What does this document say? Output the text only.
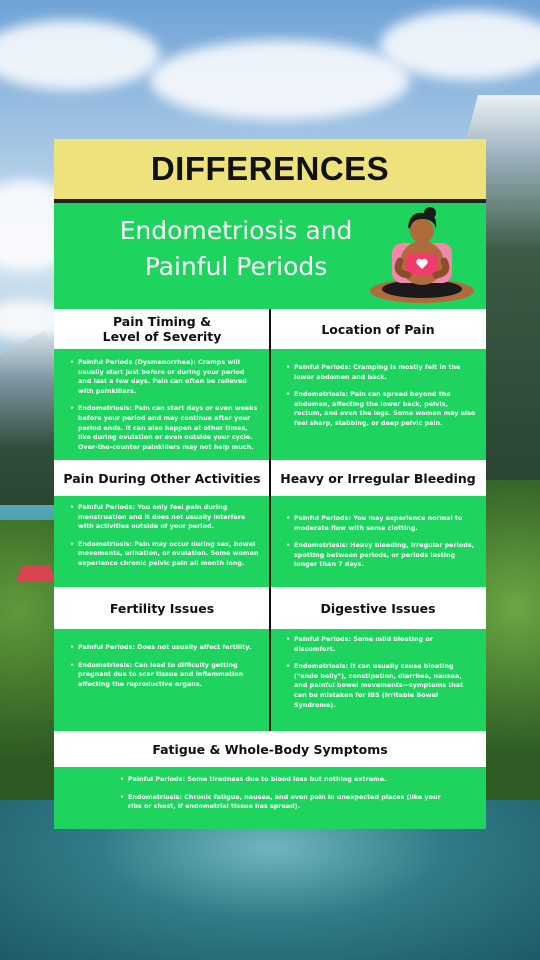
DIFFERENCES
Endometriosis and Painful Periods
Pain Timing & Level of Severity
• Painful Periods (Dysmenorrhea): Cramps will usually start just before or during your period and last a few days. Pain can often be relieved with painkillers.
• Endometriosis: Pain can start days or even weeks before your period and may continue after your period ends. It can also happen at other times, like during ovulation or even outside your cycle. Over-the-counter painkillers may not help much.
Location of Pain
• Painful Periods: Cramping is mostly felt in the lower abdomen and back.
• Endometriosis: Pain can spread beyond the abdomen, affecting the lower back, pelvis, rectum, and even the legs. Some women may also feel sharp, stabbing, or deep pelvic pain.
Pain During Other Activities
• Painful Periods: You only feel pain during menstruation and it does not usually interfere with activities outside of your period.
• Endometriosis: Pain may occur during sex, bowel movements, urination, or ovulation. Some women experience chronic pelvic pain all month long.
Heavy or Irregular Bleeding
• Painful Periods: You may experience normal to moderate flow with some clotting.
• Endometriosis: Heavy bleeding, irregular periods, spotting between periods, or periods lasting longer than 7 days.
Fertility Issues
• Painful Periods: Does not usually affect fertility.
• Endometriosis: Can lead to difficulty getting pregnant due to scar tissue and inflammation affecting the reproductive organs.
Digestive Issues
• Painful Periods: Some mild bloating or discomfort.
• Endometriosis: It can usually cause bloating ("endo belly"), constipation, diarrhea, nausea, and painful bowel movements—symptoms that can be mistaken for IBS (Irritable Bowel Syndrome).
Fatigue & Whole-Body Symptoms
• Painful Periods: Some tiredness due to blood loss but nothing extreme.
• Endometriosis: Chronic fatigue, nausea, and even pain in unexpected places (like your ribs or chest, if endometrial tissue has spread).
